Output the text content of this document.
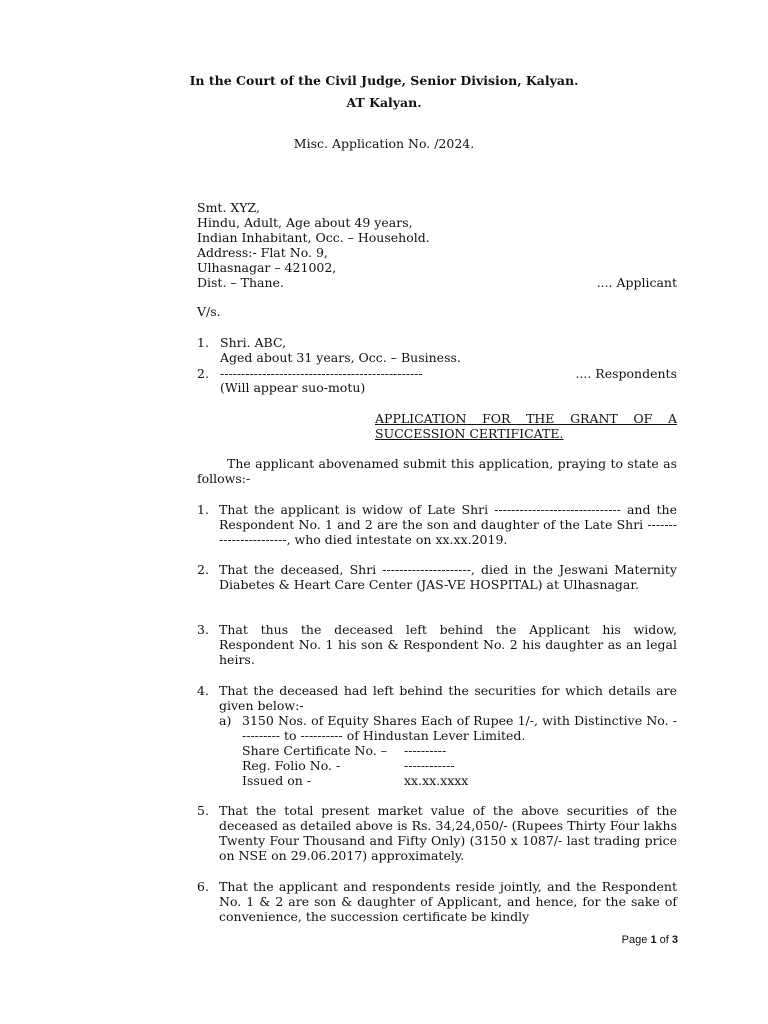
In the Court of the Civil Judge, Senior Division, Kalyan.
AT Kalyan.
Misc. Application No. /2024.
Smt. XYZ,
Hindu, Adult, Age about 49 years,
Indian Inhabitant, Occ. – Household.
Address:- Flat No. 9,
Ulhasnagar – 421002,
Dist. – Thane.	.... Applicant
V/s.
1. Shri. ABC,
Aged about 31 years, Occ. – Business.
2. ------------------------------------------------	.... Respondents
(Will appear suo-motu)
APPLICATION FOR THE GRANT OF A
SUCCESSION CERTIFICATE.
The applicant abovenamed submit this application, praying to state as follows:-
1. That the applicant is widow of Late Shri ------------------------------ and the Respondent No. 1 and 2 are the son and daughter of the Late Shri -----------------------, who died intestate on xx.xx.2019.
2. That the deceased, Shri ---------------------, died in the Jeswani Maternity Diabetes & Heart Care Center (JAS-VE HOSPITAL) at Ulhasnagar.
3. That thus the deceased left behind the Applicant his widow, Respondent No. 1 his son & Respondent No. 2 his daughter as an legal heirs.
4. That the deceased had left behind the securities for which details are given below:-
a) 3150 Nos. of Equity Shares Each of Rupee 1/-, with Distinctive No. ---------- to ---------- of Hindustan Lever Limited.
Share Certificate No. – ----------
Reg. Folio No. -	------------
Issued on -	xx.xx.xxxx
5. That the total present market value of the above securities of the deceased as detailed above is Rs. 34,24,050/- (Rupees Thirty Four lakhs Twenty Four Thousand and Fifty Only) (3150 x 1087/- last trading price on NSE on 29.06.2017) approximately.
6. That the applicant and respondents reside jointly, and the Respondent No. 1 & 2 are son & daughter of Applicant, and hence, for the sake of convenience, the succession certificate be kindly
Page 1 of 3
